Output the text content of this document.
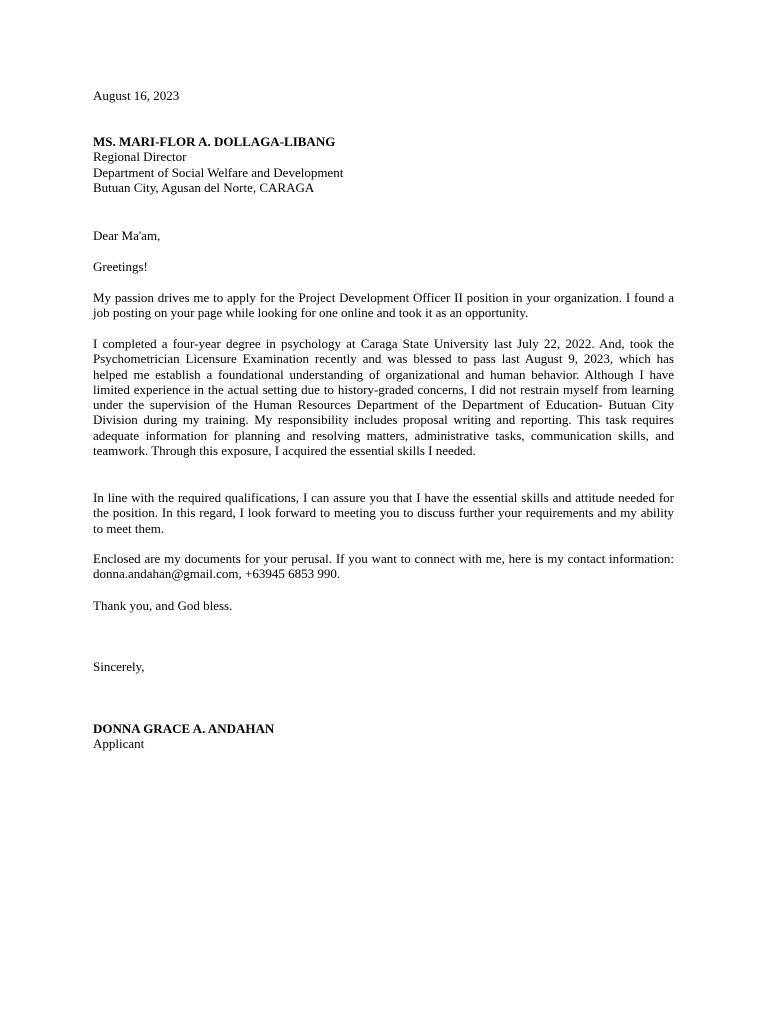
August 16, 2023
MS. MARI-FLOR A. DOLLAGA-LIBANG
Regional Director
Department of Social Welfare and Development
Butuan City, Agusan del Norte, CARAGA
Dear Ma'am,
Greetings!
My passion drives me to apply for the Project Development Officer II position in your organization. I found a job posting on your page while looking for one online and took it as an opportunity.
I completed a four-year degree in psychology at Caraga State University last July 22, 2022. And, took the Psychometrician Licensure Examination recently and was blessed to pass last August 9, 2023, which has helped me establish a foundational understanding of organizational and human behavior. Although I have limited experience in the actual setting due to history-graded concerns, I did not restrain myself from learning under the supervision of the Human Resources Department of the Department of Education- Butuan City Division during my training. My responsibility includes proposal writing and reporting. This task requires adequate information for planning and resolving matters, administrative tasks, communication skills, and teamwork. Through this exposure, I acquired the essential skills I needed.
In line with the required qualifications, I can assure you that I have the essential skills and attitude needed for the position. In this regard, I look forward to meeting you to discuss further your requirements and my ability to meet them.
Enclosed are my documents for your perusal. If you want to connect with me, here is my contact information: donna.andahan@gmail.com, +63945 6853 990.
Thank you, and God bless.
Sincerely,
DONNA GRACE A. ANDAHAN
Applicant
